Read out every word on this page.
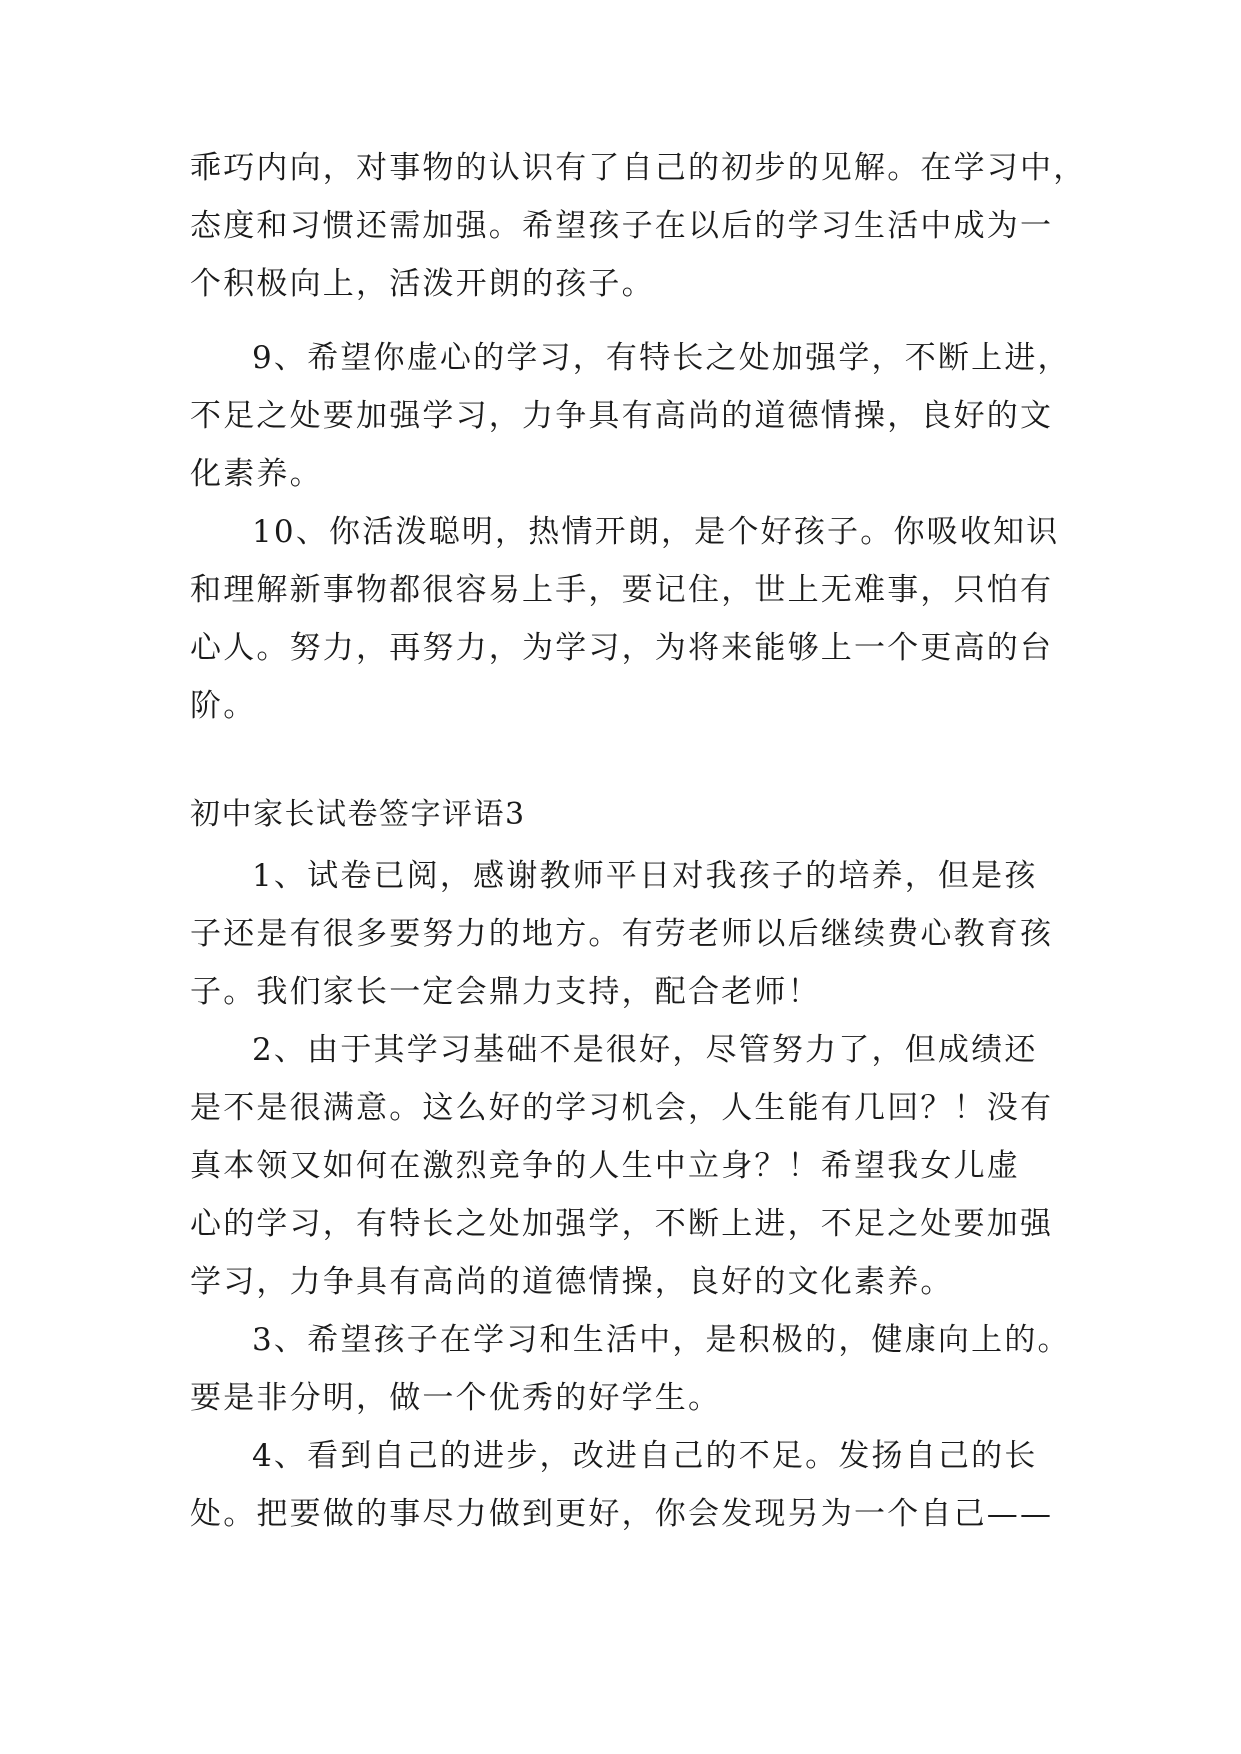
乖巧内向，对事物的认识有了自己的初步的见解。在学习中，
态度和习惯还需加强。希望孩子在以后的学习生活中成为一
个积极向上，活泼开朗的孩子。
9、希望你虚心的学习，有特长之处加强学，不断上进，
不足之处要加强学习，力争具有高尚的道德情操，良好的文
化素养。
10、你活泼聪明，热情开朗，是个好孩子。你吸收知识
和理解新事物都很容易上手，要记住，世上无难事，只怕有
心人。努力，再努力，为学习，为将来能够上一个更高的台
阶。
初中家长试卷签字评语3
1、试卷已阅，感谢教师平日对我孩子的培养，但是孩
子还是有很多要努力的地方。有劳老师以后继续费心教育孩
子。我们家长一定会鼎力支持，配合老师！
2、由于其学习基础不是很好，尽管努力了，但成绩还
是不是很满意。这么好的学习机会，人生能有几回？！没有
真本领又如何在激烈竞争的人生中立身？！希望我女儿虚
心的学习，有特长之处加强学，不断上进，不足之处要加强
学习，力争具有高尚的道德情操，良好的文化素养。
3、希望孩子在学习和生活中，是积极的，健康向上的。
要是非分明，做一个优秀的好学生。
4、看到自己的进步，改进自己的不足。发扬自己的长
处。把要做的事尽力做到更好，你会发现另为一个自己——
